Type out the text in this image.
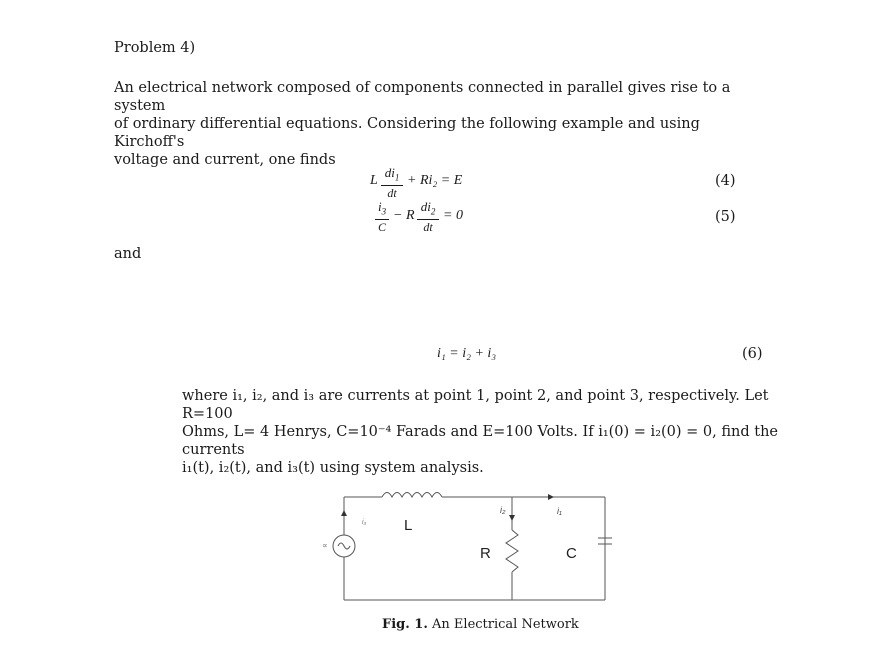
Problem 4)
An electrical network composed of components connected in parallel gives rise to a system
of ordinary differential equations. Considering the following example and using Kirchoff's
voltage and current, one finds
L
$di_1$
dt
+ Ri₂ = E	(4)
$i_3$
C
− R
$di_2$
dt
= 0	(5)
and
i₁ = i₂ + i₃	(6)
where i₁, i₂, and i₃ are currents at point 1, point 2, and point 3, respectively. Let R=100
Ohms, L= 4 Henrys, C=10⁻⁴ Farads and E=100 Volts. If i₁(0) = i₂(0) = 0, find the currents
i₁(t), i₂(t), and i₃(t) using system analysis.
L
R	C
i₁
i₂
i₃
∝
Fig. 1. An Electrical Network
